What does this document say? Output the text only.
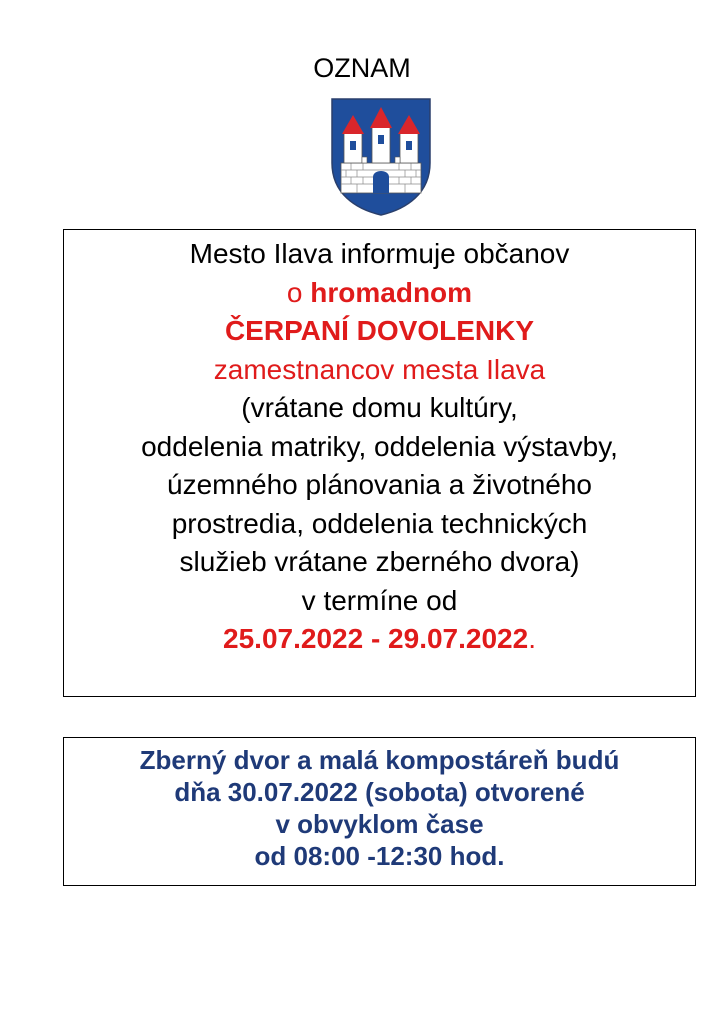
OZNAM
Mesto Ilava informuje občanov
o hromadnom
ČERPANÍ DOVOLENKY
zamestnancov mesta Ilava
(vrátane domu kultúry,
oddelenia matriky, oddelenia výstavby,
územného plánovania a životného
prostredia, oddelenia technických
služieb vrátane zberného dvora)
v termíne od
25.07.2022 - 29.07.2022.
Zberný dvor a malá kompostáreň budú
dňa 30.07.2022 (sobota) otvorené
v obvyklom čase
od 08:00 -12:30 hod.
